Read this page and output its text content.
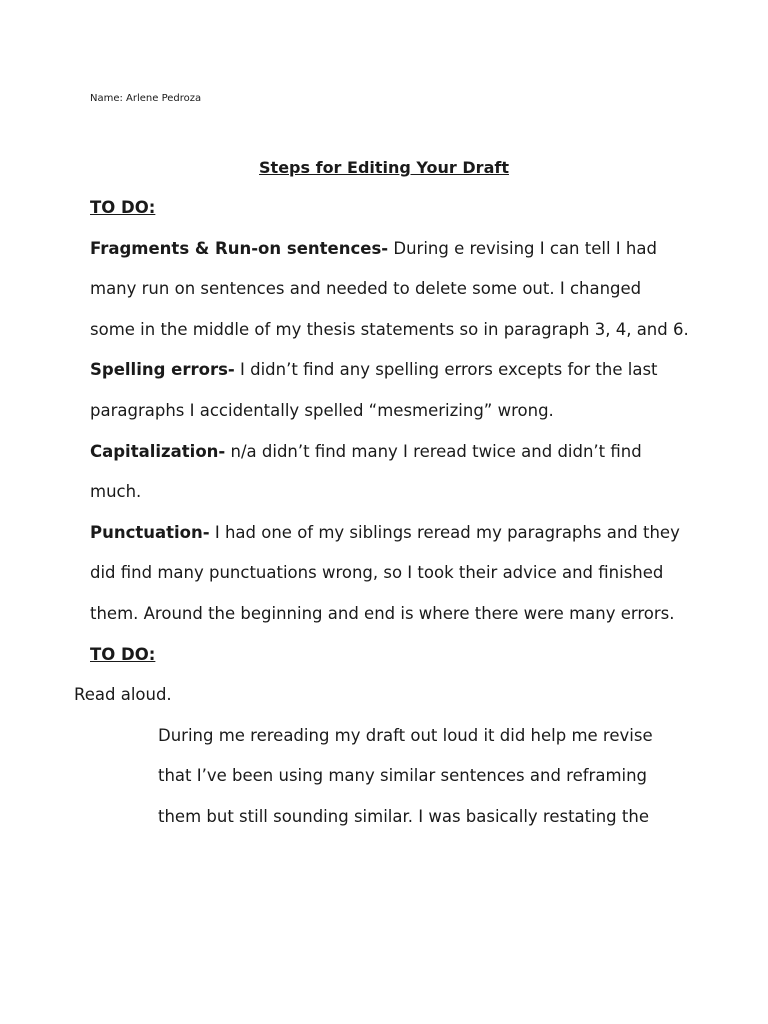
Name: Arlene Pedroza
Steps for Editing Your Draft

TO DO:

Fragments & Run-on sentences- During e revising I can tell I had many run on sentences and needed to delete some out. I changed some in the middle of my thesis statements so in paragraph 3, 4, and 6.

Spelling errors- I didn’t find any spelling errors excepts for the last paragraphs I accidentally spelled “mesmerizing” wrong.

Capitalization- n/a didn’t find many I reread twice and didn’t find much.

Punctuation- I had one of my siblings reread my paragraphs and they did find many punctuations wrong, so I took their advice and finished them. Around the beginning and end is where there were many errors.

TO DO:

Read aloud.

During me rereading my draft out loud it did help me revise that I’ve been using many similar sentences and reframing them but still sounding similar. I was basically restating the
